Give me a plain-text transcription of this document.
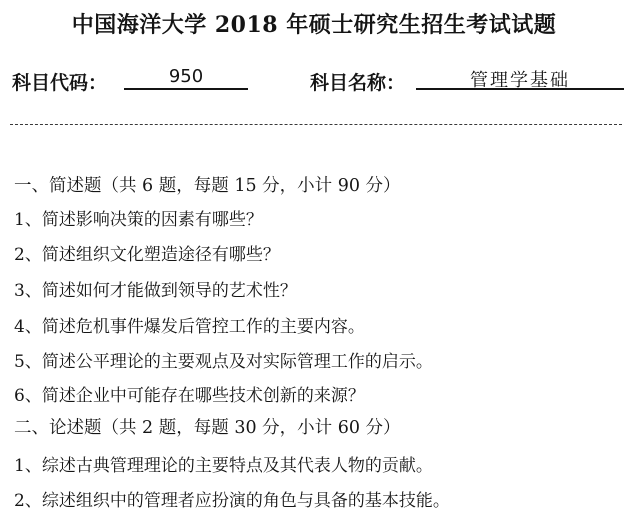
中国海洋大学 2018 年硕士研究生招生考试试题
科目代码：	950	科目名称：	管理学基础
一、简述题（共 6 题，每题 15 分，小计 90 分）
1、简述影响决策的因素有哪些？
2、简述组织文化塑造途径有哪些？
3、简述如何才能做到领导的艺术性？
4、简述危机事件爆发后管控工作的主要内容。
5、简述公平理论的主要观点及对实际管理工作的启示。
6、简述企业中可能存在哪些技术创新的来源？
二、论述题（共 2 题，每题 30 分，小计 60 分）
1、综述古典管理理论的主要特点及其代表人物的贡献。
2、综述组织中的管理者应扮演的角色与具备的基本技能。
